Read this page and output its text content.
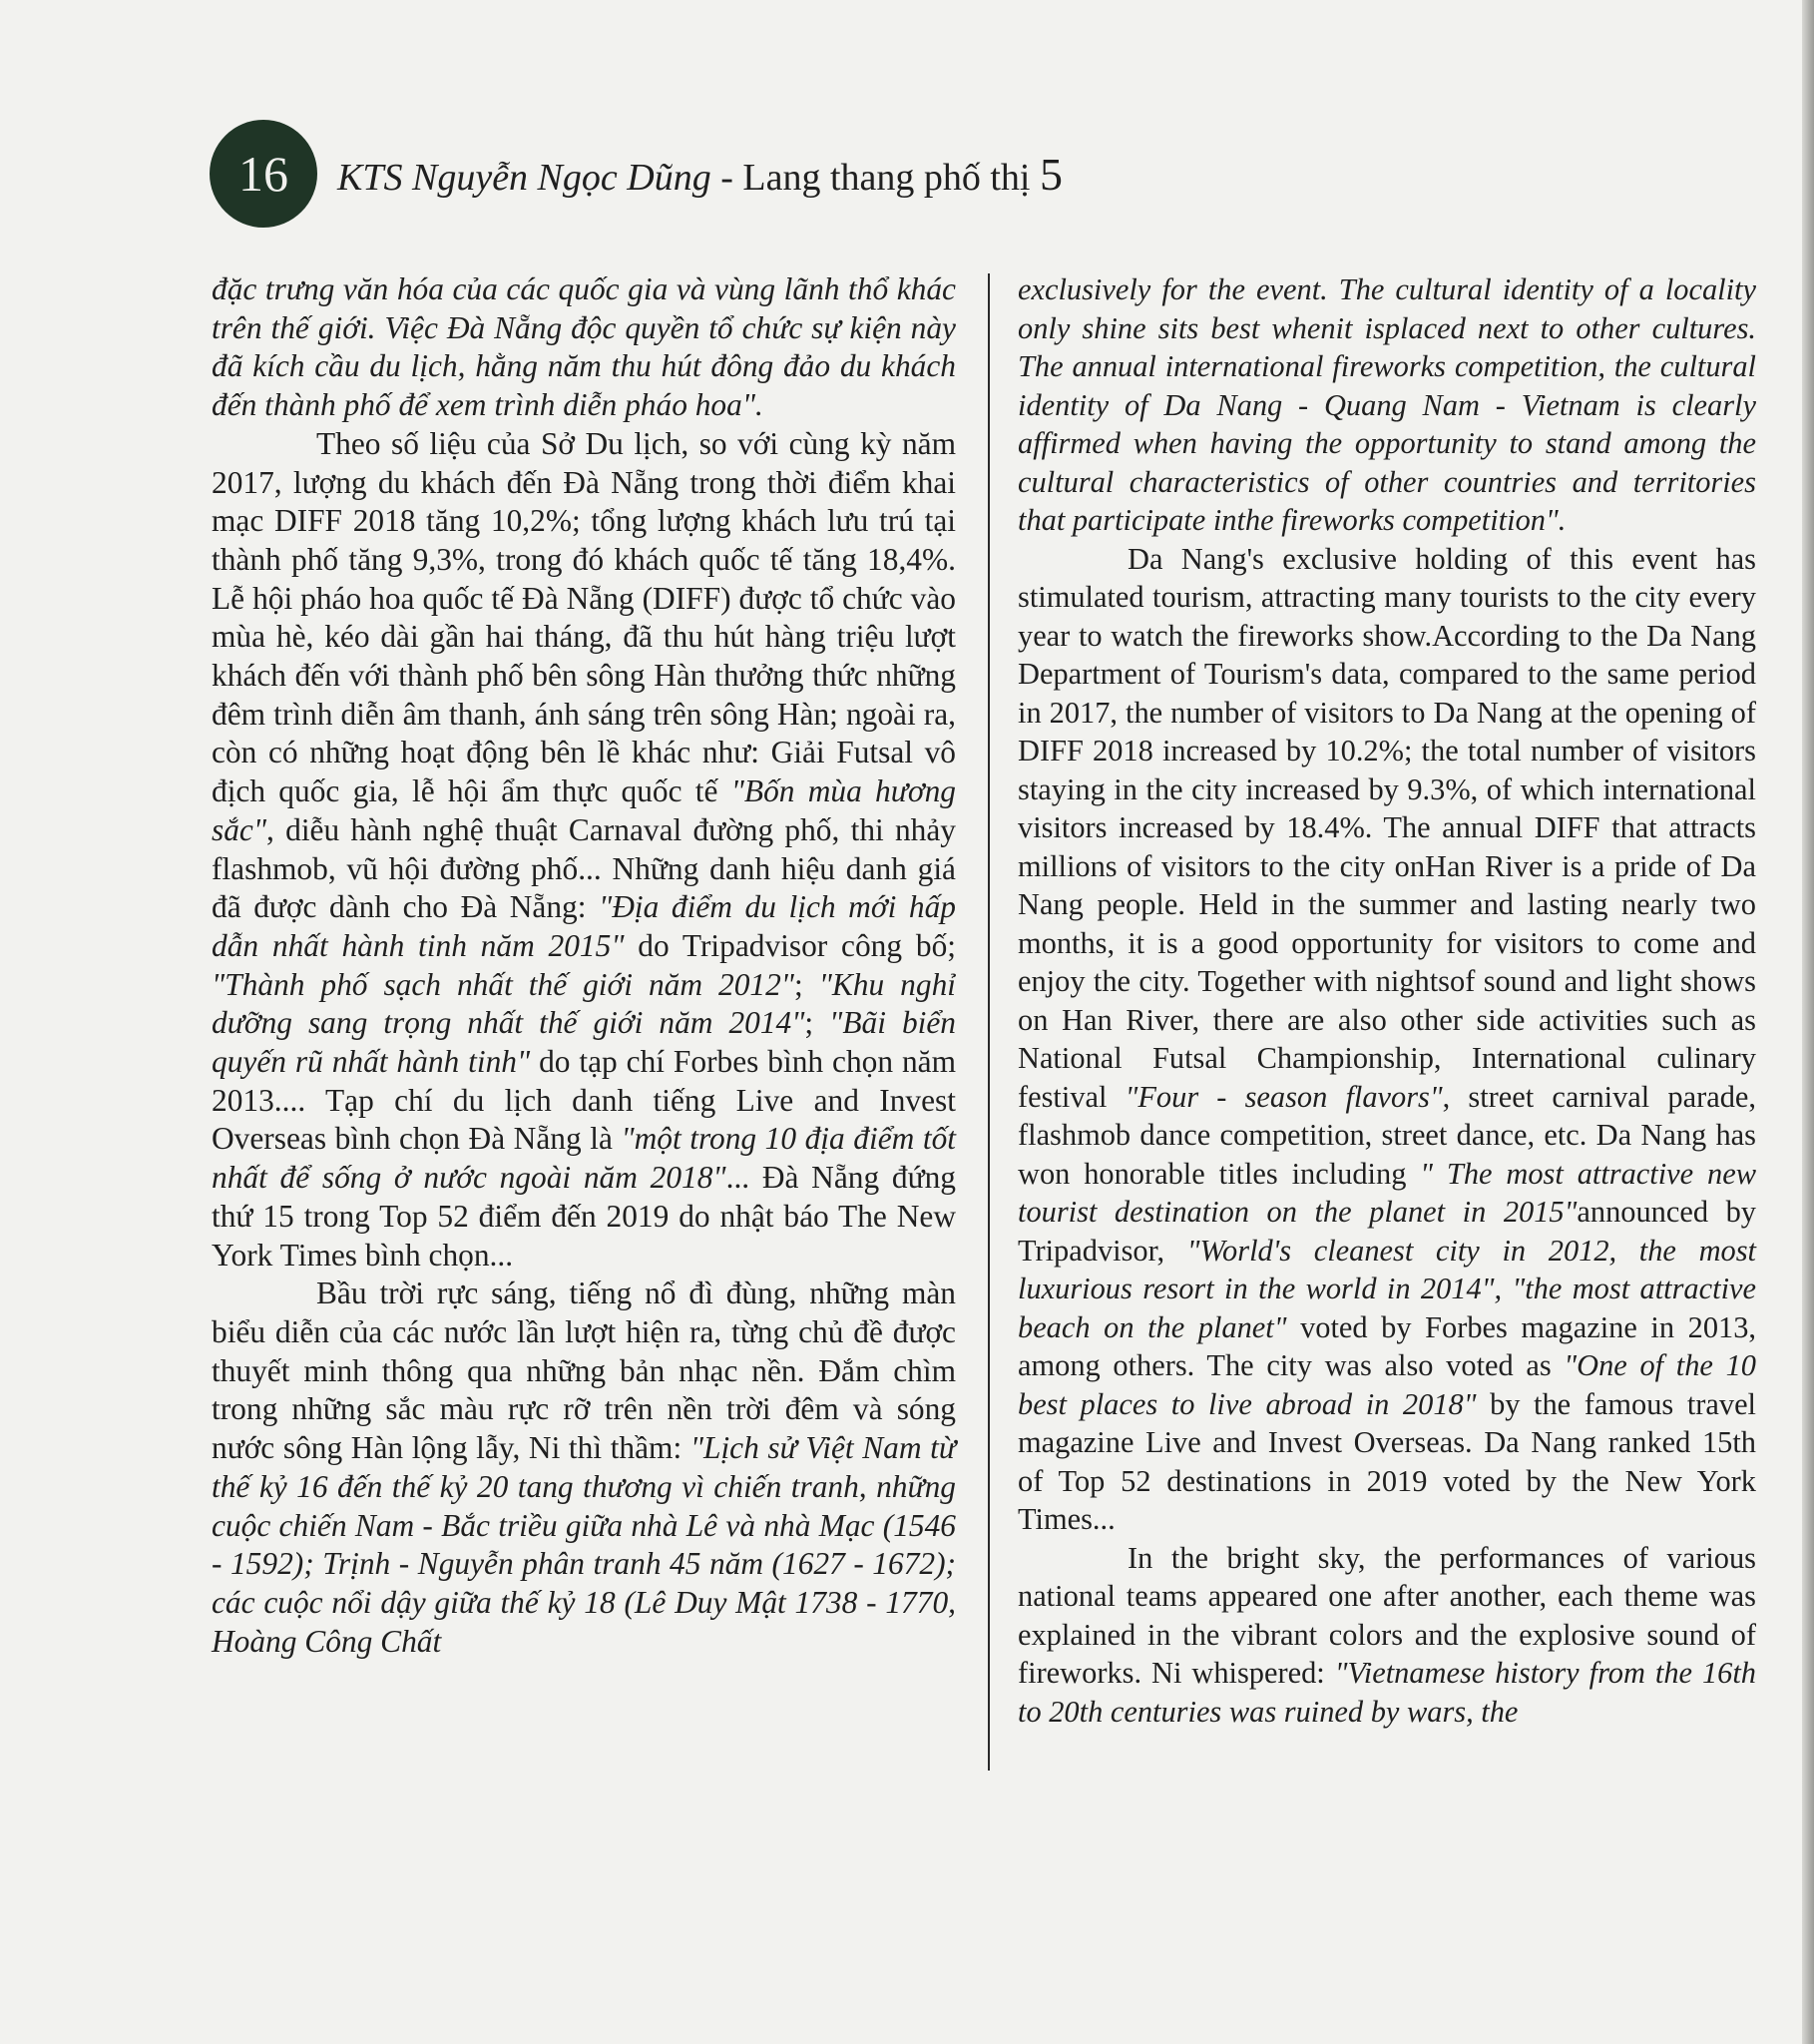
16 KTS Nguyễn Ngọc Dũng - Lang thang phố thị 5

đặc trưng văn hóa của các quốc gia và vùng lãnh thổ khác trên thế giới. Việc Đà Nẵng độc quyền tổ chức sự kiện này đã kích cầu du lịch, hằng năm thu hút đông đảo du khách đến thành phố để xem trình diễn pháo hoa".

Theo số liệu của Sở Du lịch, so với cùng kỳ năm 2017, lượng du khách đến Đà Nẵng trong thời điểm khai mạc DIFF 2018 tăng 10,2%; tổng lượng khách lưu trú tại thành phố tăng 9,3%, trong đó khách quốc tế tăng 18,4%. Lễ hội pháo hoa quốc tế Đà Nẵng (DIFF) được tổ chức vào mùa hè, kéo dài gần hai tháng, đã thu hút hàng triệu lượt khách đến với thành phố bên sông Hàn thưởng thức những đêm trình diễn âm thanh, ánh sáng trên sông Hàn; ngoài ra, còn có những hoạt động bên lề khác như: Giải Futsal vô địch quốc gia, lễ hội ẩm thực quốc tế "Bốn mùa hương sắc", diễu hành nghệ thuật Carnaval đường phố, thi nhảy flashmob, vũ hội đường phố... Những danh hiệu danh giá đã được dành cho Đà Nẵng: "Địa điểm du lịch mới hấp dẫn nhất hành tinh năm 2015" do Tripadvisor công bố; "Thành phố sạch nhất thế giới năm 2012"; "Khu nghỉ dưỡng sang trọng nhất thế giới năm 2014"; "Bãi biển quyến rũ nhất hành tinh" do tạp chí Forbes bình chọn năm 2013.... Tạp chí du lịch danh tiếng Live and Invest Overseas bình chọn Đà Nẵng là "một trong 10 địa điểm tốt nhất để sống ở nước ngoài năm 2018"... Đà Nẵng đứng thứ 15 trong Top 52 điểm đến 2019 do nhật báo The New York Times bình chọn...

Bầu trời rực sáng, tiếng nổ đì đùng, những màn biểu diễn của các nước lần lượt hiện ra, từng chủ đề được thuyết minh thông qua những bản nhạc nền. Đắm chìm trong những sắc màu rực rỡ trên nền trời đêm và sóng nước sông Hàn lộng lẫy, Ni thì thầm: "Lịch sử Việt Nam từ thế kỷ 16 đến thế kỷ 20 tang thương vì chiến tranh, những cuộc chiến Nam - Bắc triều giữa nhà Lê và nhà Mạc (1546 - 1592); Trịnh - Nguyễn phân tranh 45 năm (1627 - 1672); các cuộc nổi dậy giữa thế kỷ 18 (Lê Duy Mật 1738 - 1770, Hoàng Công Chất

exclusively for the event. The cultural identity of a locality only shine sits best whenit isplaced next to other cultures. The annual international fireworks competition, the cultural identity of Da Nang - Quang Nam - Vietnam is clearly affirmed when having the opportunity to stand among the cultural characteristics of other countries and territories that participate inthe fireworks competition".

Da Nang's exclusive holding of this event has stimulated tourism, attracting many tourists to the city every year to watch the fireworks show.According to the Da Nang Department of Tourism's data, compared to the same period in 2017, the number of visitors to Da Nang at the opening of DIFF 2018 increased by 10.2%; the total number of visitors staying in the city increased by 9.3%, of which international visitors increased by 18.4%. The annual DIFF that attracts millions of visitors to the city onHan River is a pride of Da Nang people. Held in the summer and lasting nearly two months, it is a good opportunity for visitors to come and enjoy the city. Together with nightsof sound and light shows on Han River, there are also other side activities such as National Futsal Championship, International culinary festival "Four - season flavors", street carnival parade, flashmob dance competition, street dance, etc. Da Nang has won honorable titles including " The most attractive new tourist destination on the planet in 2015"announced by Tripadvisor, "World's cleanest city in 2012, the most luxurious resort in the world in 2014", "the most attractive beach on the planet" voted by Forbes magazine in 2013, among others. The city was also voted as "One of the 10 best places to live abroad in 2018" by the famous travel magazine Live and Invest Overseas. Da Nang ranked 15th of Top 52 destinations in 2019 voted by the New York Times...

In the bright sky, the performances of various national teams appeared one after another, each theme was explained in the vibrant colors and the explosive sound of fireworks. Ni whispered: "Vietnamese history from the 16th to 20th centuries was ruined by wars, the
